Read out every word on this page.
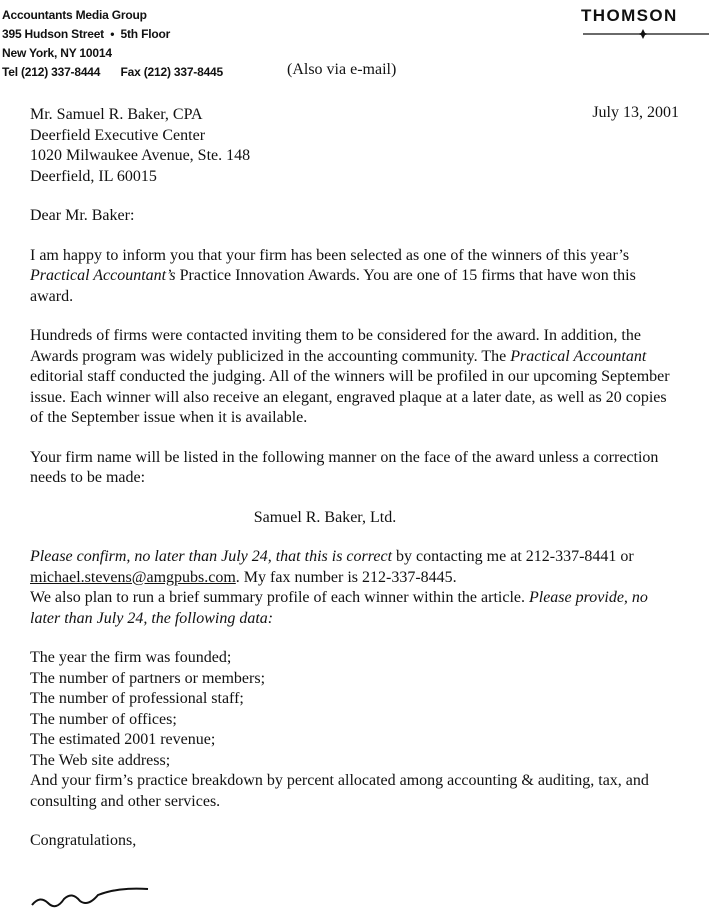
Accountants Media Group
395 Hudson Street  •  5th Floor
New York, NY 10014
Tel (212) 337-8444 Fax (212) 337-8445	(Also via e-mail)
THOMSON
July 13, 2001

Mr. Samuel R. Baker, CPA

Deerfield Executive Center

1020 Milwaukee Avenue, Ste. 148

Deerfield, IL 60015

Dear Mr. Baker:

I am happy to inform you that your firm has been selected as one of the winners of this year’s Practical Accountant’s Practice Innovation Awards. You are one of 15 firms that have won this award.

Hundreds of firms were contacted inviting them to be considered for the award. In addition, the Awards program was widely publicized in the accounting community. The Practical Accountant editorial staff conducted the judging. All of the winners will be profiled in our upcoming September issue. Each winner will also receive an elegant, engraved plaque at a later date, as well as 20 copies of the September issue when it is available.

Your firm name will be listed in the following manner on the face of the award unless a correction needs to be made:

Samuel R. Baker, Ltd.

Please confirm, no later than July 24, that this is correct by contacting me at 212-337-8441 or michael.stevens@amgpubs.com. My fax number is 212-337-8445.

We also plan to run a brief summary profile of each winner within the article. Please provide, no later than July 24, the following data:

The year the firm was founded;

The number of partners or members;

The number of professional staff;

The number of offices;

The estimated 2001 revenue;

The Web site address;

And your firm’s practice breakdown by percent allocated among accounting & auditing, tax, and consulting and other services.

Congratulations,
